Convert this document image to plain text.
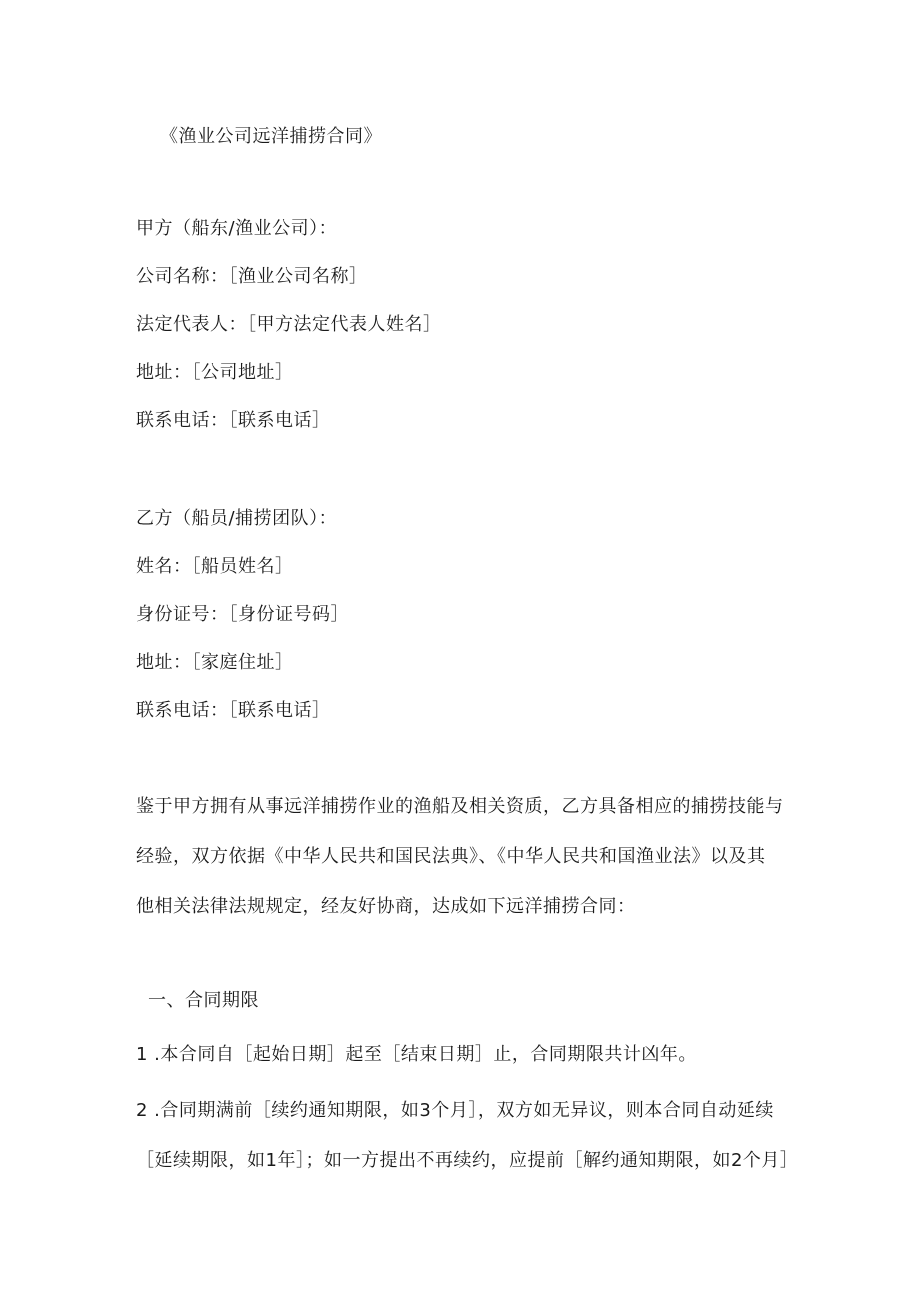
《渔业公司远洋捕捞合同》
甲方（船东/渔业公司）：
公司名称：［渔业公司名称］
法定代表人：［甲方法定代表人姓名］
地址：［公司地址］
联系电话：［联系电话］
乙方（船员/捕捞团队）：
姓名：［船员姓名］
身份证号：［身份证号码］
地址：［家庭住址］
联系电话：［联系电话］
鉴于甲方拥有从事远洋捕捞作业的渔船及相关资质，乙方具备相应的捕捞技能与
经验，双方依据《中华人民共和国民法典》、《中华人民共和国渔业法》以及其
他相关法律法规规定，经友好协商，达成如下远洋捕捞合同：
一、合同期限
1 .本合同自［起始日期］起至［结束日期］止，合同期限共计凶年。
2 .合同期满前［续约通知期限，如3个月］，双方如无异议，则本合同自动延续
［延续期限，如1年］；如一方提出不再续约，应提前［解约通知期限，如2个月］
